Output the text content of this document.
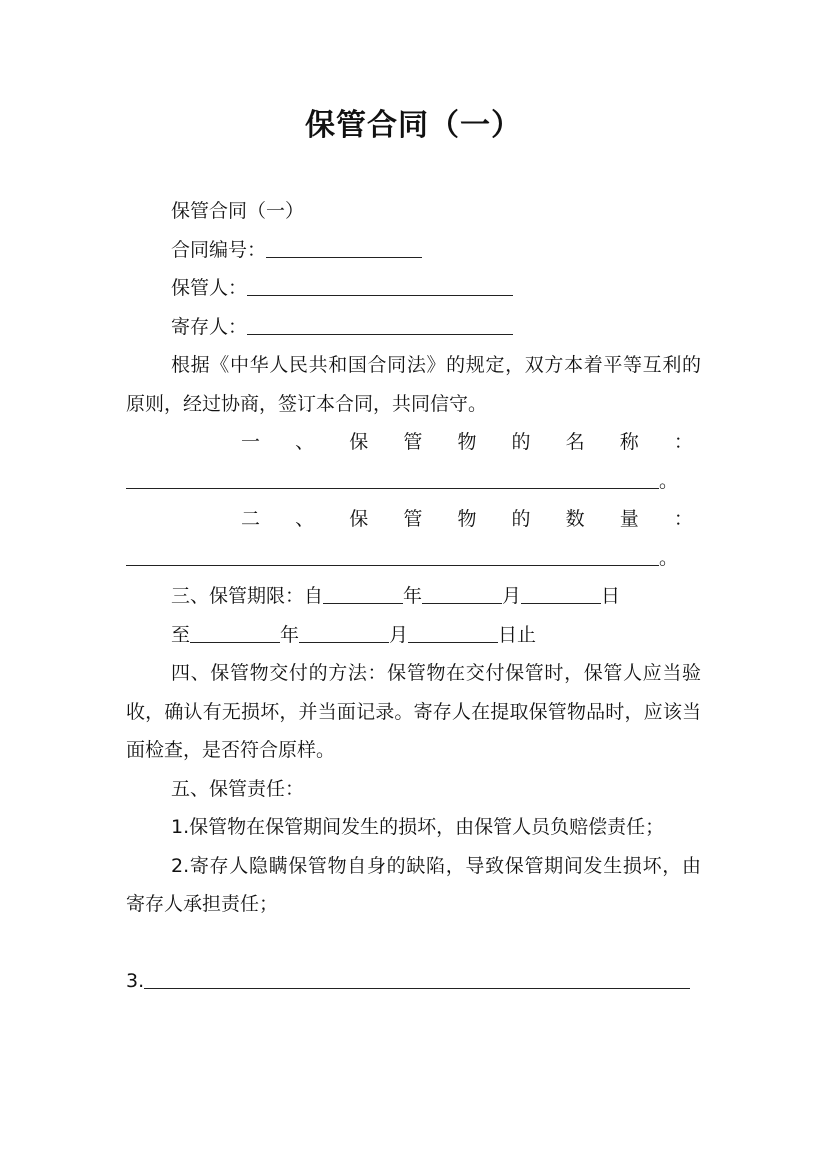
保管合同（一）
保管合同（一）
合同编号：
保管人：
寄存人：

根据《中华人民共和国合同法》的规定，双方本着平等互利的原则，经过协商，签订本合同，共同信守。

一 、 保 管 物 的 名 称 ：
。
二 、 保 管 物 的 数 量 ：
。
三、保管期限：自	年	月	日
至	年	月	日止

四、保管物交付的方法：保管物在交付保管时，保管人应当验收，确认有无损坏，并当面记录。寄存人在提取保管物品时，应该当面检查，是否符合原样。

五、保管责任：

1.保管物在保管期间发生的损坏，由保管人员负赔偿责任；

2.寄存人隐瞒保管物自身的缺陷，导致保管期间发生损坏，由寄存人承担责任；

3.
